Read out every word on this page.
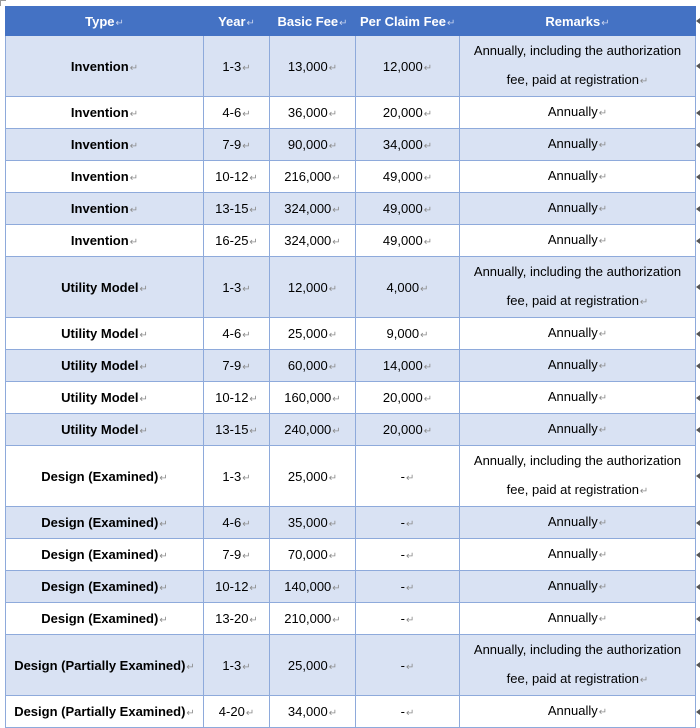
Type↵	Year↵	Basic Fee↵	Per Claim Fee↵	Remarks↵
Invention↵	1-3↵	13,000↵	12,000↵	Annually, including the authorization fee, paid at registration↵
Invention↵	4-6↵	36,000↵	20,000↵	Annually↵
Invention↵	7-9↵	90,000↵	34,000↵	Annually↵
Invention↵	10-12↵	216,000↵	49,000↵	Annually↵
Invention↵	13-15↵	324,000↵	49,000↵	Annually↵
Invention↵	16-25↵	324,000↵	49,000↵	Annually↵
Utility Model↵	1-3↵	12,000↵	4,000↵	Annually, including the authorization fee, paid at registration↵
Utility Model↵	4-6↵	25,000↵	9,000↵	Annually↵
Utility Model↵	7-9↵	60,000↵	14,000↵	Annually↵
Utility Model↵	10-12↵	160,000↵	20,000↵	Annually↵
Utility Model↵	13-15↵	240,000↵	20,000↵	Annually↵
Design (Examined)↵	1-3↵	25,000↵	-↵	Annually, including the authorization fee, paid at registration↵
Design (Examined)↵	4-6↵	35,000↵	-↵	Annually↵
Design (Examined)↵	7-9↵	70,000↵	-↵	Annually↵
Design (Examined)↵	10-12↵	140,000↵	-↵	Annually↵
Design (Examined)↵	13-20↵	210,000↵	-↵	Annually↵
Design (Partially Examined)↵	1-3↵	25,000↵	-↵	Annually, including the authorization fee, paid at registration↵
Design (Partially Examined)↵	4-20↵	34,000↵	-↵	Annually↵
